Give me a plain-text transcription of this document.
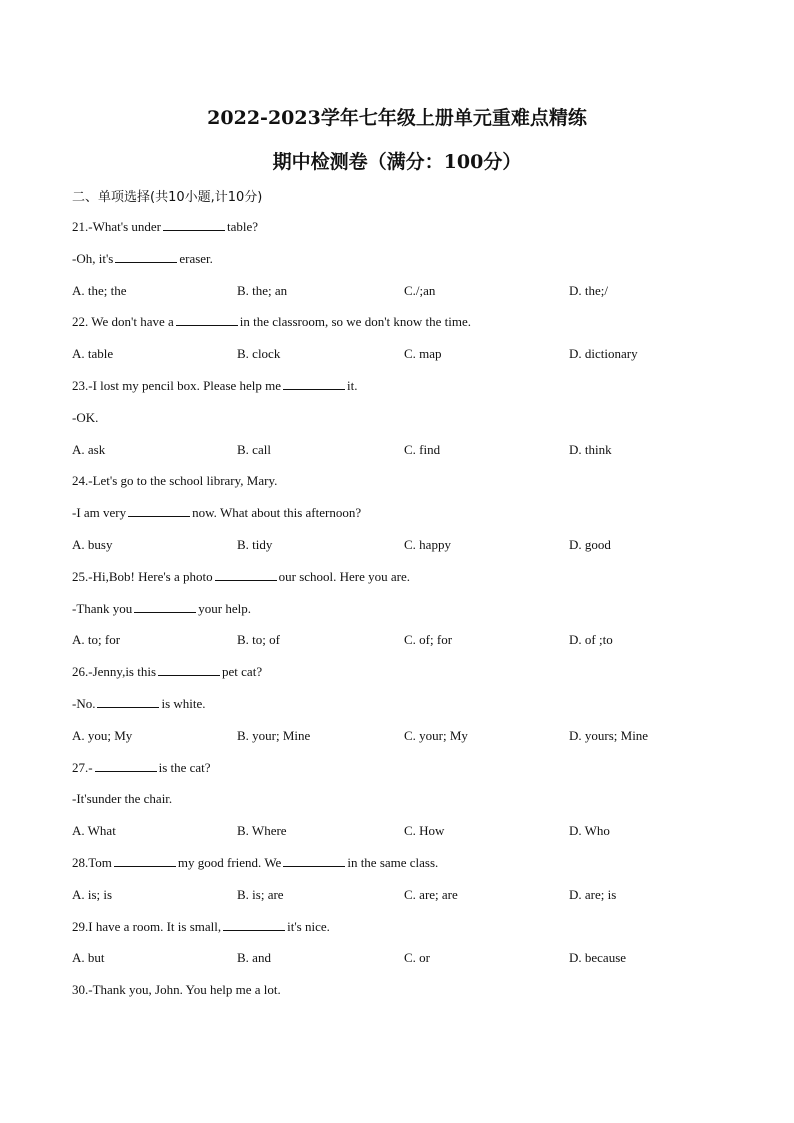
2022-2023学年七年级上册单元重难点精练
期中检测卷（满分：100分）
二、单项选择(共10小题,计10分)
21.-What's under	table?
-Oh, it's	eraser.
A. the; the	B. the; an	C./;an	D. the;/
22. We don't have a	in the classroom, so we don't know the time.
A. table	B. clock	C. map	D. dictionary
23.-I lost my pencil box. Please help me	it.
-OK.
A. ask	B. call	C. find	D. think
24.-Let's go to the school library, Mary.
-I am very	now. What about this afternoon?
A. busy	B. tidy	C. happy	D. good
25.-Hi,Bob! Here's a photo	our school. Here you are.
-Thank you	your help.
A. to; for	B. to; of	C. of; for	D. of ;to
26.-Jenny,is this	pet cat?
-No.	is white.
A. you; My	B. your; Mine	C. your; My	D. yours; Mine
27.-	is the cat?
-It'sunder the chair.
A. What	B. Where	C. How	D. Who
28.Tom	my good friend. We	in the same class.
A. is; is	B. is; are	C. are; are	D. are; is
29.I have a room. It is small,	it's nice.
A. but	B. and	C. or	D. because
30.-Thank you, John. You help me a lot.
